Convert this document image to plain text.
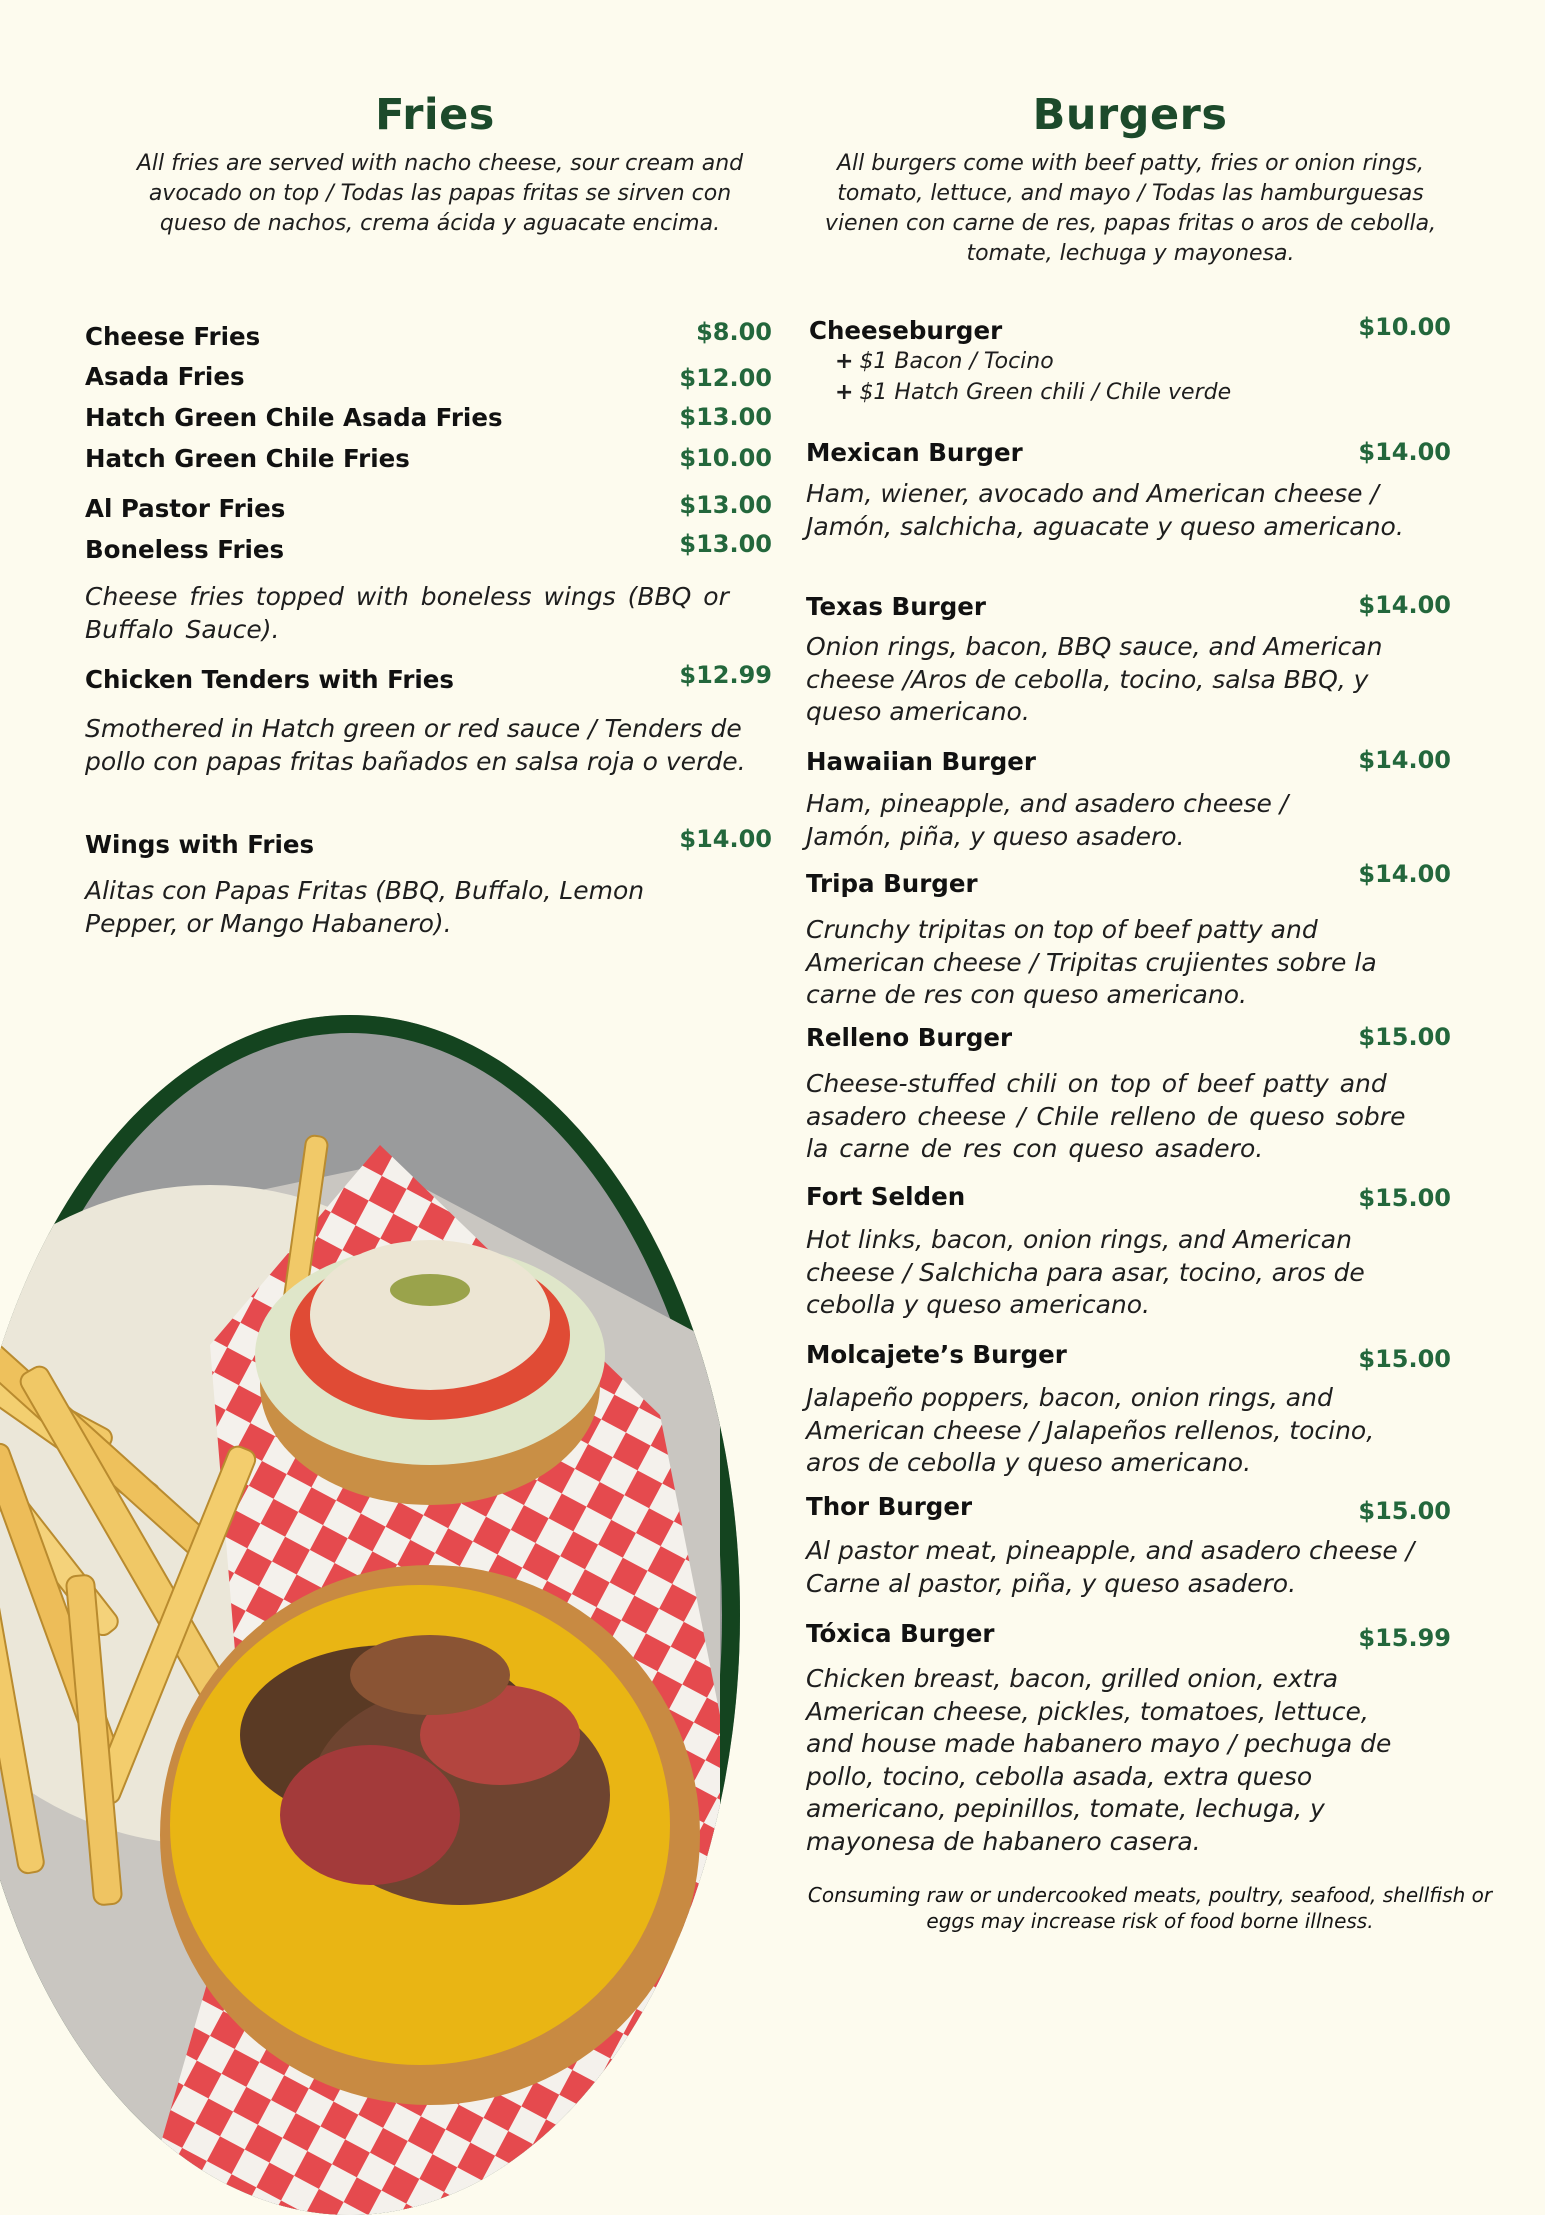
Fries
All fries are served with nacho cheese, sour cream and avocado on top / Todas las papas fritas se sirven con queso de nachos, crema ácida y aguacate encima.
Cheese Fries	$8.00
Asada Fries	$12.00
Hatch Green Chile Asada Fries	$13.00
Hatch Green Chile Fries	$10.00
Al Pastor Fries	$13.00
Boneless Fries	$13.00
Cheese fries topped with boneless wings (BBQ or Buffalo Sauce).
Chicken Tenders with Fries	$12.99
Smothered in Hatch green or red sauce / Tenders de pollo con papas fritas bañados en salsa roja o verde.
Wings with Fries	$14.00
Alitas con Papas Fritas (BBQ, Buffalo, Lemon Pepper, or Mango Habanero).
Burgers
All burgers come with beef patty, fries or onion rings, tomato, lettuce, and mayo / Todas las hamburguesas vienen con carne de res, papas fritas o aros de cebolla, tomate, lechuga y mayonesa.
Cheeseburger	$10.00
+ $1 Bacon / Tocino
+ $1 Hatch Green chili / Chile verde
Mexican Burger	$14.00
Ham, wiener, avocado and American cheese / Jamón, salchicha, aguacate y queso americano.
Texas Burger	$14.00
Onion rings, bacon, BBQ sauce, and American cheese /Aros de cebolla, tocino, salsa BBQ, y queso americano.
Hawaiian Burger	$14.00
Ham, pineapple, and asadero cheese / Jamón, piña, y queso asadero.
Tripa Burger	$14.00
Crunchy tripitas on top of beef patty and American cheese / Tripitas crujientes sobre la carne de res con queso americano.
Relleno Burger	$15.00
Cheese-stuffed chili on top of beef patty and asadero cheese / Chile relleno de queso sobre la carne de res con queso asadero.
Fort Selden	$15.00
Hot links, bacon, onion rings, and American cheese / Salchicha para asar, tocino, aros de cebolla y queso americano.
Molcajete’s Burger	$15.00
Jalapeño poppers, bacon, onion rings, and American cheese / Jalapeños rellenos, tocino, aros de cebolla y queso americano.
Thor Burger	$15.00
Al pastor meat, pineapple, and asadero cheese / Carne al pastor, piña, y queso asadero.
Tóxica Burger	$15.99
Chicken breast, bacon, grilled onion, extra American cheese, pickles, tomatoes, lettuce, and house made habanero mayo / pechuga de pollo, tocino, cebolla asada, extra queso americano, pepinillos, tomate, lechuga, y mayonesa de habanero casera.
Consuming raw or undercooked meats, poultry, seafood, shellfish or eggs may increase risk of food borne illness.
